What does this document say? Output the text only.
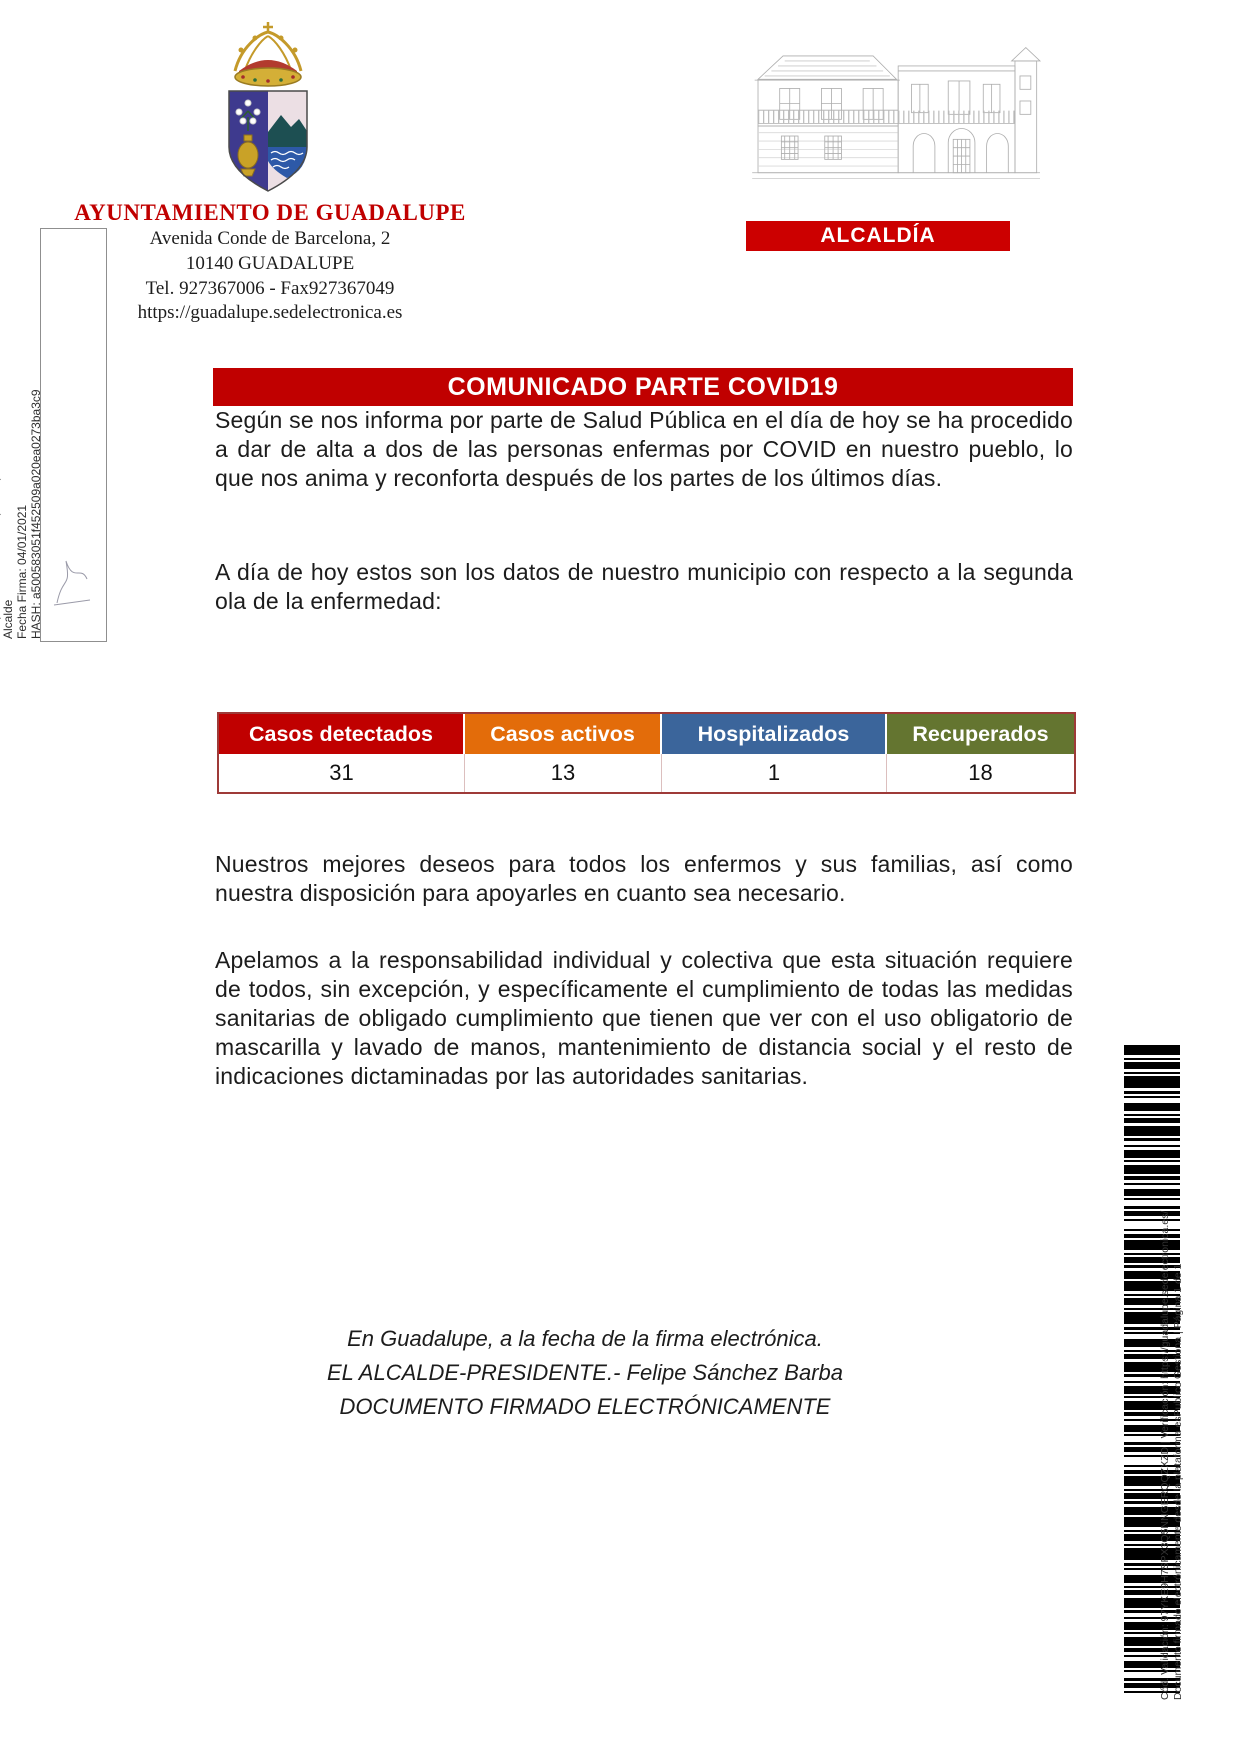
AYUNTAMIENTO DE GUADALUPE
Avenida Conde de Barcelona, 2
10140 GUADALUPE
Tel. 927367006 - Fax927367049
https://guadalupe.sedelectronica.es
ALCALDÍA
Alcalde Fecha Firma: 04/01/2021 HASH: a500583051f452509a020ea0273ba3c9
COMUNICADO PARTE COVID19
Según se nos informa por parte de Salud Pública en el día de hoy se ha procedido a dar de alta a dos de las personas enfermas por COVID en nuestro pueblo, lo que nos anima y reconforta después de los partes de los últimos días.
A día de hoy estos son los datos de nuestro municipio con respecto a la segunda ola de la enfermedad:
Casos detectados	Casos activos	Hospitalizados	Recuperados
31	13	1	18
Nuestros mejores deseos para todos los enfermos y sus familias, así como nuestra disposición para apoyarles en cuanto sea necesario.
Apelamos a la responsabilidad individual y colectiva que esta situación requiere de todos, sin excepción, y específicamente el cumplimiento de todas las medidas sanitarias de obligado cumplimiento que tienen que ver con el uso obligatorio de mascarilla y lavado de manos, mantenimiento de distancia social y el resto de indicaciones dictaminadas por las autoridades sanitarias.
En Guadalupe, a la fecha de la firma electrónica.
EL ALCALDE-PRESIDENTE.- Felipe Sánchez Barba
DOCUMENTO FIRMADO ELECTRÓNICAMENTE	Cód. Validación: 97YKE9H7SPX3Q5NNGERQQZXZD | Verificación: https://guadalupe.sedelectronica.es/ Documento firmado electrónicamente desde la plataforma esPublico Gestiona | Página 1 de 1
